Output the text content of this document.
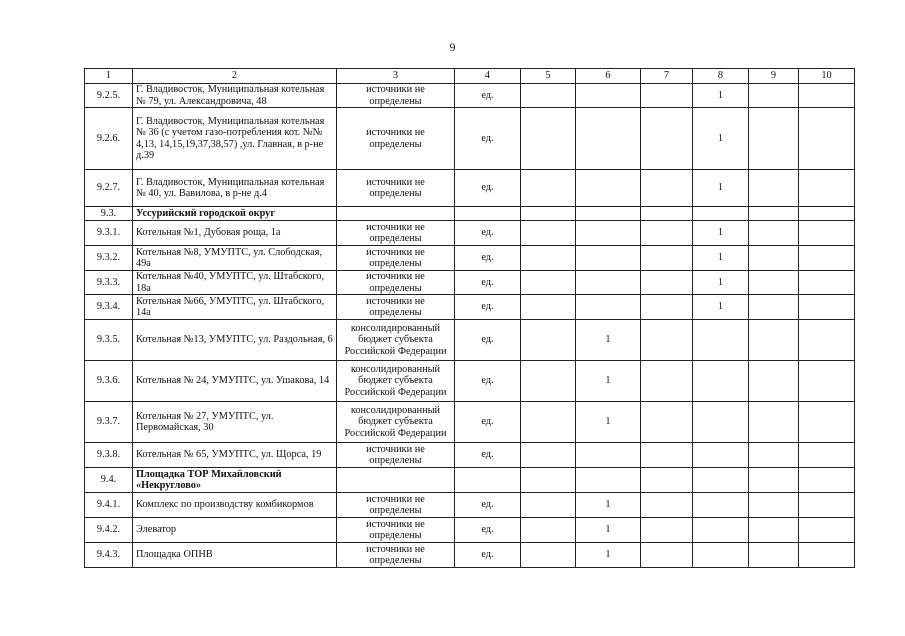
9
1	2	3	4	5	6	7	8	9	10
9.2.5.	Г. Владивосток, Муниципальная котельная № 79, ул. Александровича, 48	источники не определены	ед.				1		
9.2.6.	Г. Владивосток, Муниципальная котельная № 36 (с учетом газо-потребления кот. №№ 4,13, 14,15,19,37,38,57) ,ул. Главная, в р-не д.39	источники не определены	ед.				1		
9.2.7.	Г. Владивосток, Муниципальная котельная № 40, ул. Вавилова, в р-не д.4	источники не определены	ед.				1		
9.3.	Уссурийский городской округ								
9.3.1.	Котельная №1, Дубовая роща, 1а	источники не определены	ед.				1		
9.3.2.	Котельная №8, УМУПТС, ул. Слободская, 49а	источники не определены	ед.				1		
9.3.3.	Котельная №40, УМУПТС, ул. Штабского, 18а	источники не определены	ед.				1		
9.3.4.	Котельная №66, УМУПТС, ул. Штабского, 14а	источники не определены	ед.				1		
9.3.5.	Котельная №13, УМУПТС, ул. Раздольная, 6	консолидированный бюджет субъекта Российской Федерации	ед.		1				
9.3.6.	Котельная № 24, УМУПТС, ул. Ушакова, 14	консолидированный бюджет субъекта Российской Федерации	ед.		1				
9.3.7.	Котельная № 27, УМУПТС, ул. Первомайская, 30	консолидированный бюджет субъекта Российской Федерации	ед.		1				
9.3.8.	Котельная № 65, УМУПТС, ул. Щорса, 19	источники не определены	ед.						
9.4.	Площадка ТОР Михайловский «Некруглово»								
9.4.1.	Комплекс по производству комбикормов	источники не определены	ед.		1				
9.4.2.	Элеватор	источники не определены	ед.		1				
9.4.3.	Площадка ОПНВ	источники не определены	ед.		1				
